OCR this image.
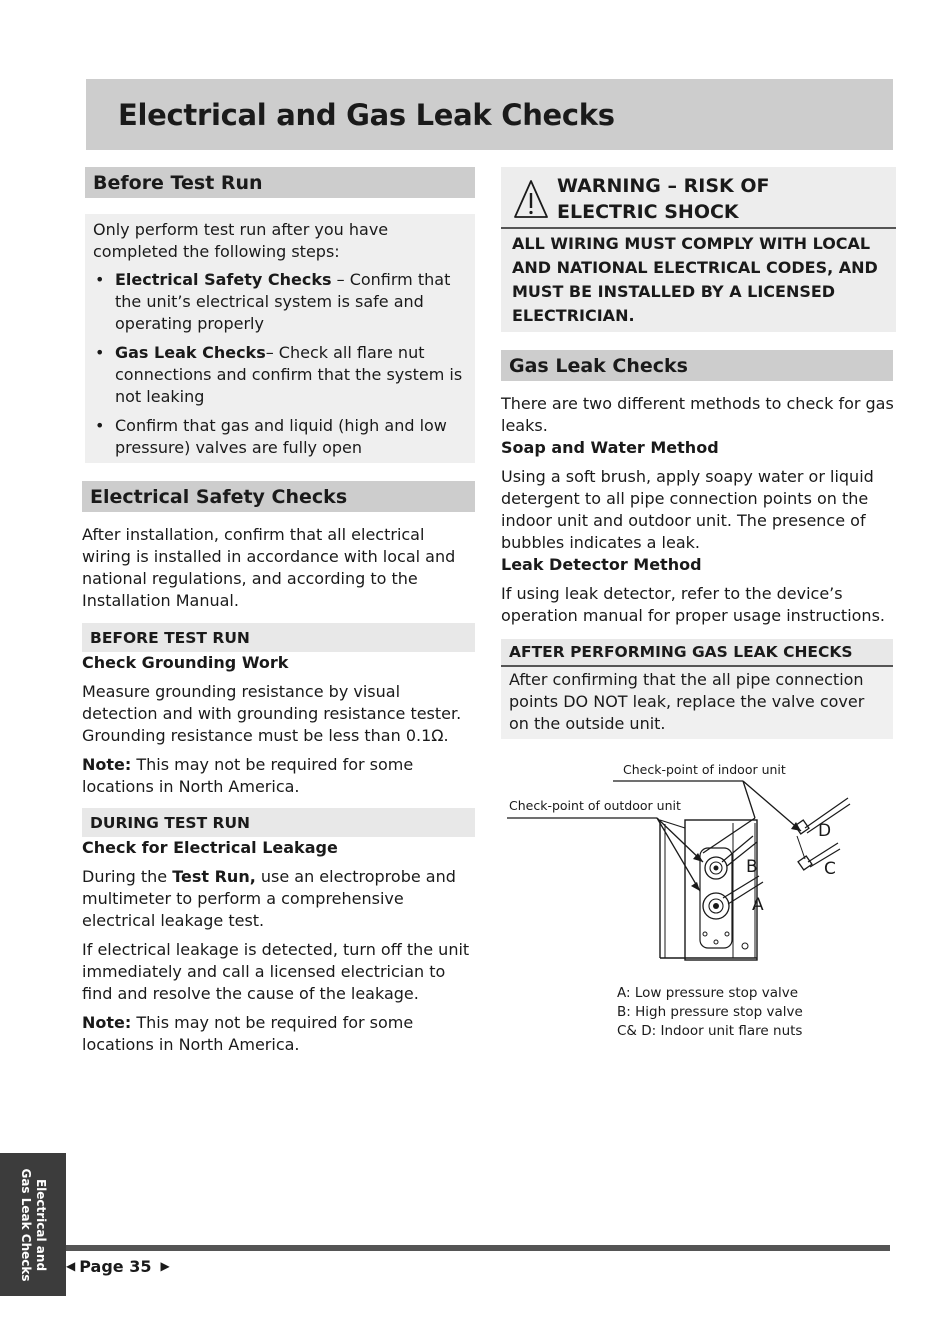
Electrical and Gas Leak Checks
Before Test Run

Only perform test run after you have completed the following steps:

• Electrical Safety Checks – Confirm that the unit’s electrical system is safe and operating properly
• Gas Leak Checks– Check all flare nut connections and confirm that the system is not leaking
• Confirm that gas and liquid (high and low pressure) valves are fully open
Electrical Safety Checks

After installation, confirm that all electrical wiring is installed in accordance with local and national regulations, and according to the Installation Manual.

BEFORE TEST RUN

Check Grounding Work

Measure grounding resistance by visual detection and with grounding resistance tester. Grounding resistance must be less than 0.1Ω.

Note: This may not be required for some locations in North America.

DURING TEST RUN

Check for Electrical Leakage

During the Test Run, use an electroprobe and multimeter to perform a comprehensive electrical leakage test.

If electrical leakage is detected, turn off the unit immediately and call a licensed electrician to find and resolve the cause of the leakage.

Note: This may not be required for some locations in North America.

WARNING – RISK OF
ELECTRIC SHOCK
ALL WIRING MUST COMPLY WITH LOCAL AND NATIONAL ELECTRICAL CODES, AND MUST BE INSTALLED BY A LICENSED ELECTRICIAN.
Gas Leak Checks

There are two different methods to check for gas leaks.

Soap and Water Method

Using a soft brush, apply soapy water or liquid detergent to all pipe connection points on the indoor unit and outdoor unit. The presence of bubbles indicates a leak.

Leak Detector Method

If using leak detector, refer to the device’s operation manual for proper usage instructions.

AFTER PERFORMING GAS LEAK CHECKS

After confirming that the all pipe connection points DO NOT leak, replace the valve cover on the outside unit.

Check-point of indoor unit
Check-point of outdoor unit
B
A
D
C
A: Low pressure stop valve
B: High pressure stop valve
C& D: Indoor unit flare nuts
Electrical and
Gas Leak Checks	◀ Page 35 ▶
